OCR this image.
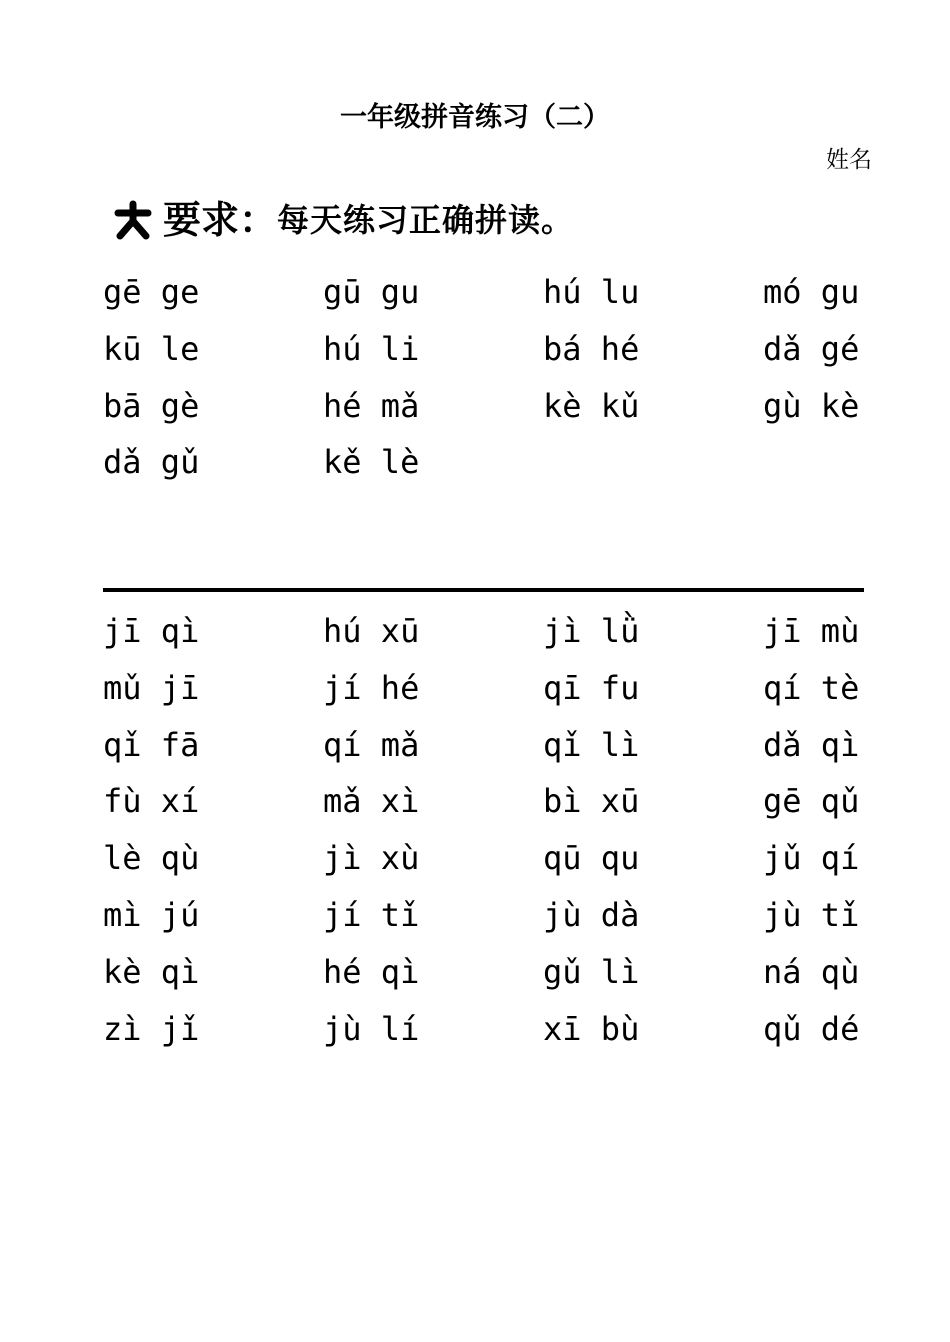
一年级拼音练习（二）
姓名
要求： 每天练习正确拼读。
gē ge	gū gu	hú lu	mó gu
kū le	hú li	bá hé	dǎ gé
bā gè	hé mǎ	kè kǔ	gù kè
dǎ gǔ	kě lè
jī qì	hú xū	jì lǜ	jī mù
mǔ jī	jí hé	qī fu	qí tè
qǐ fā	qí mǎ	qǐ lì	dǎ qì
fù xí	mǎ xì	bì xū	gē qǔ
lè qù	jì xù	qū qu	jǔ qí
mì jú	jí tǐ	jù dà	jù tǐ
kè qì	hé qì	gǔ lì	ná qù
zì jǐ	jù lí	xī bù	qǔ dé
